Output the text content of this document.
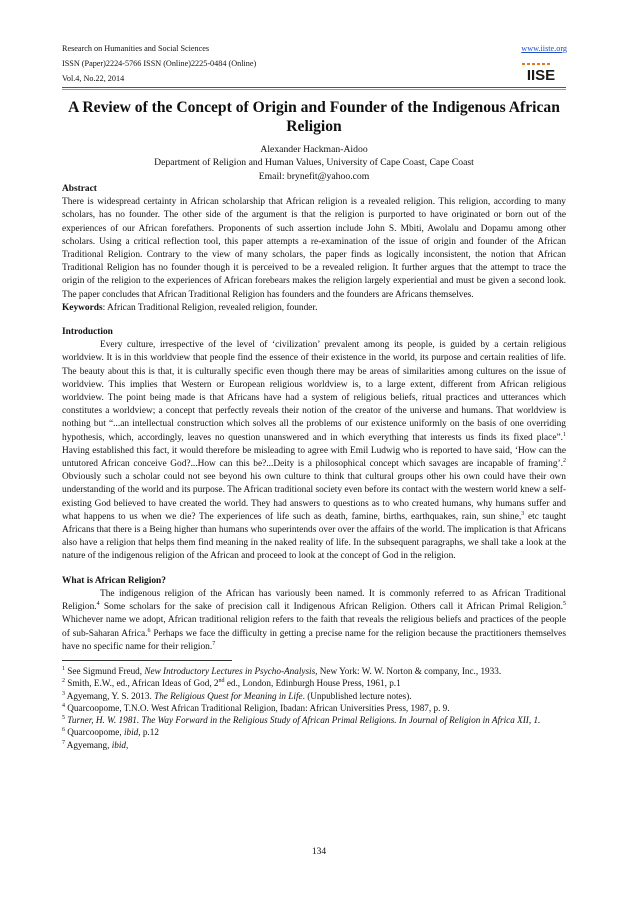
Research on Humanities and Social Sciences
ISSN (Paper)2224-5766 ISSN (Online)2225-0484 (Online)
Vol.4, No.22, 2014
www.iiste.org
IISE
A Review of the Concept of Origin and Founder of the Indigenous African Religion
Alexander Hackman-Aidoo
Department of Religion and Human Values, University of Cape Coast, Cape Coast
Email: brynefit@yahoo.com

Abstract

There is widespread certainty in African scholarship that African religion is a revealed religion. This religion, according to many scholars, has no founder. The other side of the argument is that the religion is purported to have originated or born out of the experiences of our African forefathers. Proponents of such assertion include John S. Mbiti, Awolalu and Dopamu among other scholars. Using a critical reflection tool, this paper attempts a re-examination of the issue of origin and founder of the African Traditional Religion. Contrary to the view of many scholars, the paper finds as logically inconsistent, the notion that African Traditional Religion has no founder though it is perceived to be a revealed religion. It further argues that the attempt to trace the origin of the religion to the experiences of African forebears makes the religion largely experiential and must be given a second look. The paper concludes that African Traditional Religion has founders and the founders are Africans themselves.

Keywords: African Traditional Religion, revealed religion, founder.

Introduction

Every culture, irrespective of the level of ‘civilization’ prevalent among its people, is guided by a certain religious worldview. It is in this worldview that people find the essence of their existence in the world, its purpose and certain realities of life. The beauty about this is that, it is culturally specific even though there may be areas of similarities among cultures on the issue of worldview. This implies that Western or European religious worldview is, to a large extent, different from African religious worldview. The point being made is that Africans have had a system of religious beliefs, ritual practices and utterances which constitutes a worldview; a concept that perfectly reveals their notion of the creator of the universe and humans. That worldview is nothing but “...an intellectual construction which solves all the problems of our existence uniformly on the basis of one overriding hypothesis, which, accordingly, leaves no question unanswered and in which everything that interests us finds its fixed place”.$^1$ Having established this fact, it would therefore be misleading to agree with Emil Ludwig who is reported to have said, ‘How can the untutored African conceive God?...How can this be?...Deity is a philosophical concept which savages are incapable of framing’.$^2$ Obviously such a scholar could not see beyond his own culture to think that cultural groups other his own could have their own understanding of the world and its purpose. The African traditional society even before its contact with the western world knew a self-existing God believed to have created the world. They had answers to questions as to who created humans, why humans suffer and what happens to us when we die? The experiences of life such as death, famine, births, earthquakes, rain, sun shine,$^3$ etc taught Africans that there is a Being higher than humans who superintends over over the affairs of the world. The implication is that Africans also have a religion that helps them find meaning in the naked reality of life. In the subsequent paragraphs, we shall take a look at the nature of the indigenous religion of the African and proceed to look at the concept of God in the religion.

What is African Religion?

The indigenous religion of the African has variously been named. It is commonly referred to as African Traditional Religion.$^4$ Some scholars for the sake of precision call it Indigenous African Religion. Others call it African Primal Religion.$^5$ Whichever name we adopt, African traditional religion refers to the faith that reveals the religious beliefs and practices of the people of sub-Saharan Africa.$^6$ Perhaps we face the difficulty in getting a precise name for the religion because the practitioners themselves have no specific name for their religion.$^7$

$^1$ See Sigmund Freud, New Introductory Lectures in Psycho-Analysis, New York: W. W. Norton & company, Inc., 1933.

$^2$ Smith, E.W., ed., African Ideas of God, 2nd ed., London, Edinburgh House Press, 1961, p.1

$^3$ Agyemang, Y. S. 2013. The Religious Quest for Meaning in Life. (Unpublished lecture notes).

$^4$ Quarcoopome, T.N.O. West African Traditional Religion, Ibadan: African Universities Press, 1987, p. 9.

$^5$ Turner, H. W. 1981. The Way Forward in the Religious Study of African Primal Religions. In Journal of Religion in Africa XII, 1.

$^6$ Quarcoopome, ibid, p.12

$^7$ Agyemang, ibid,

134
